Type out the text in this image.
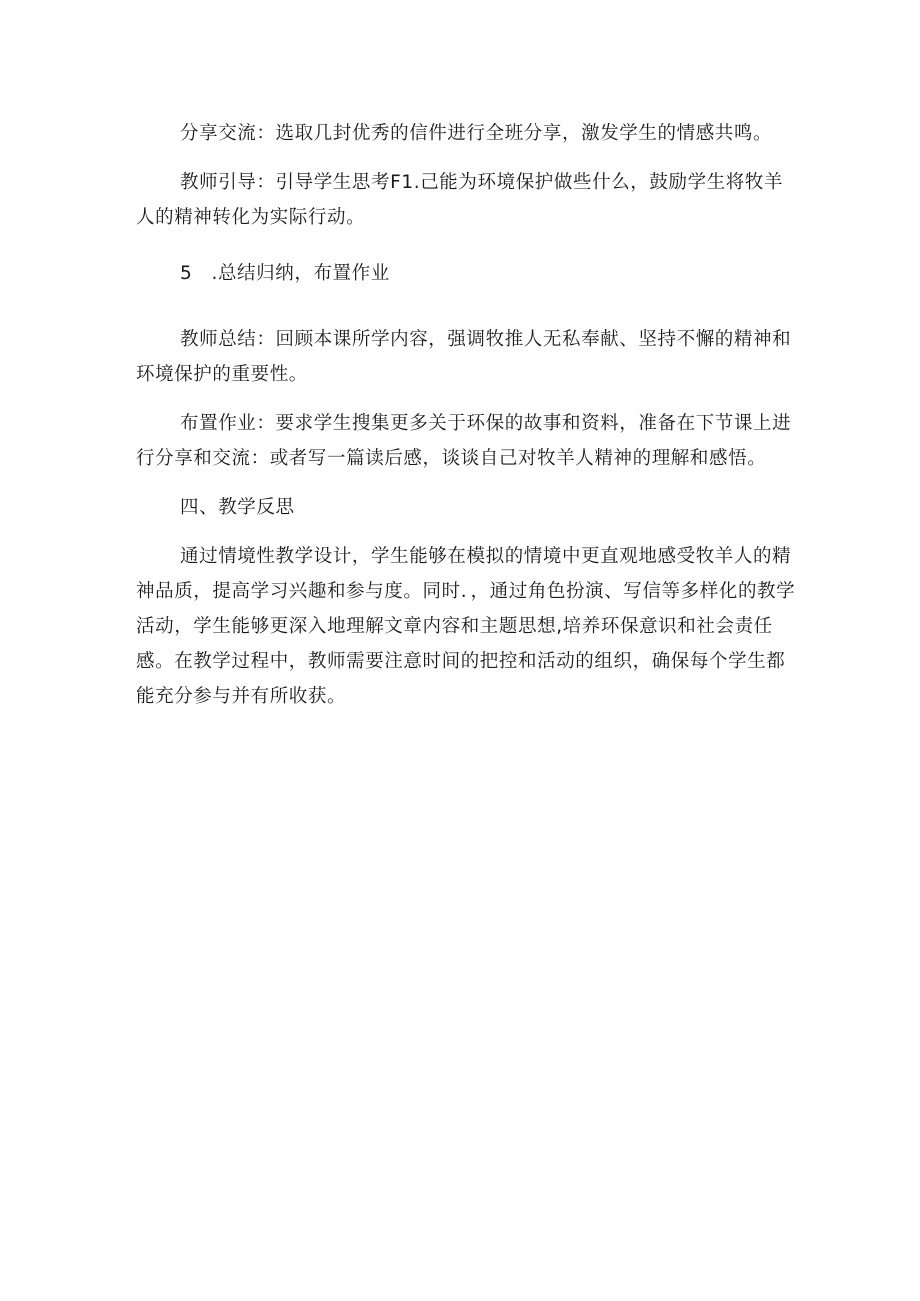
分享交流：选取几封优秀的信件进行全班分享，激发学生的情感共鸣。

教师引导：引导学生思考F1.己能为环境保护做些什么，鼓励学生将牧羊人的精神转化为实际行动。

5　.总结归纳，布置作业

教师总结：回顾本课所学内容，强调牧推人无私奉献、坚持不懈的精神和环境保护的重要性。

布置作业：要求学生搜集更多关于环保的故事和资料，准备在下节课上进行分享和交流：或者写一篇读后感，谈谈自己对牧羊人精神的理解和感悟。

四、教学反思

通过情境性教学设计，学生能够在模拟的情境中更直观地感受牧羊人的精神品质，提高学习兴趣和参与度。同时．，通过角色扮演、写信等多样化的教学活动，学生能够更深入地理解文章内容和主题思想,培养环保意识和社会责任感。在教学过程中，教师需要注意时间的把控和活动的组织，确保每个学生都能充分参与并有所收获。
